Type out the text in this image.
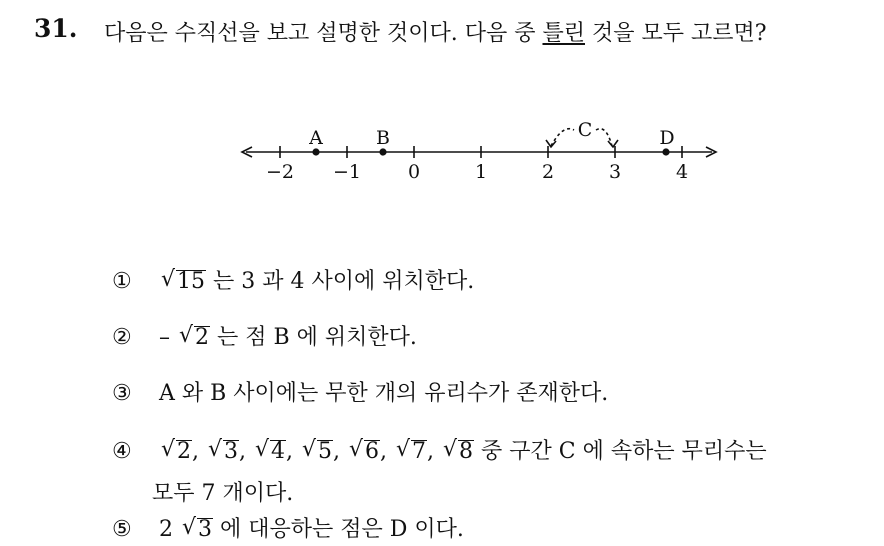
31. 다음은 수직선을 보고 설명한 것이다. 다음 중 틀린 것을 모두 고르면?
A	B	C	D
−2 −1 0	1	2	3	4
① √ 15 는 3 과 4 사이에 위치한다.
② – √ 2 는 점 B 에 위치한다.
③ A 와 B 사이에는 무한 개의 유리수가 존재한다.
④ √ 2, √ 3, √ 4, √ 5, √ 6, √ 7, √ 8 중 구간 C 에 속하는 무리수는
모두 7 개이다.
⑤ 2 √ 3 에 대응하는 점은 D 이다.
